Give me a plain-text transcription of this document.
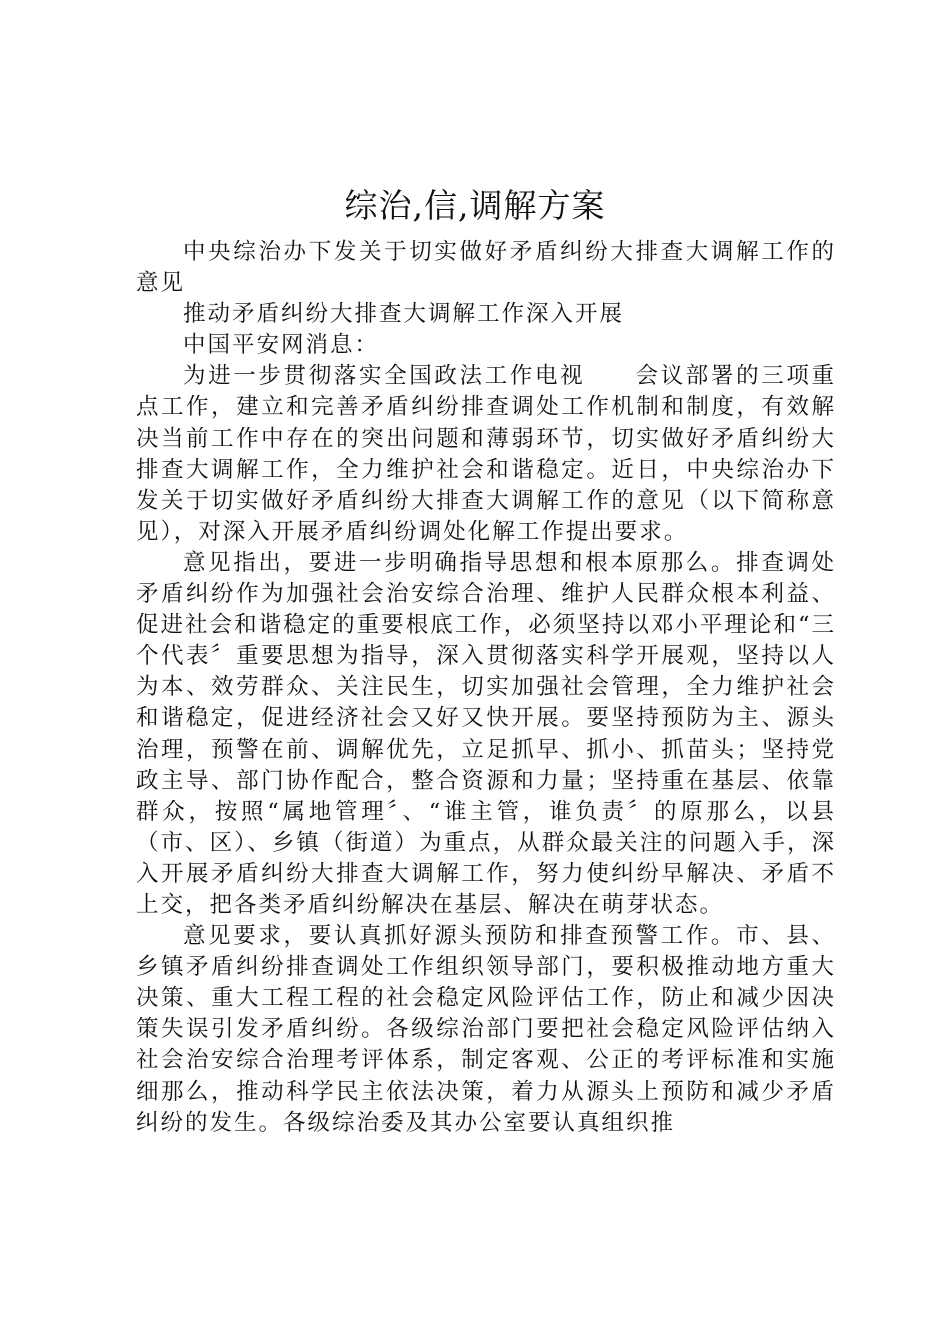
综治,信,调解方案

中央综治办下发关于切实做好矛盾纠纷大排查大调解工作的意见

推动矛盾纠纷大排查大调解工作深入开展

中国平安网消息：

为进一步贯彻落实全国政法工作电视　　会议部署的三项重点工作，建立和完善矛盾纠纷排查调处工作机制和制度，有效解决当前工作中存在的突出问题和薄弱环节，切实做好矛盾纠纷大排查大调解工作，全力维护社会和谐稳定。近日，中央综治办下发关于切实做好矛盾纠纷大排查大调解工作的意见（以下简称意见），对深入开展矛盾纠纷调处化解工作提出要求。

意见指出，要进一步明确指导思想和根本原那么。排查调处矛盾纠纷作为加强社会治安综合治理、维护人民群众根本利益、促进社会和谐稳定的重要根底工作，必须坚持以邓小平理论和“三个代表〞重要思想为指导，深入贯彻落实科学开展观，坚持以人为本、效劳群众、关注民生，切实加强社会管理，全力维护社会和谐稳定，促进经济社会又好又快开展。要坚持预防为主、源头治理，预警在前、调解优先，立足抓早、抓小、抓苗头；坚持党政主导、部门协作配合，整合资源和力量；坚持重在基层、依靠群众，按照“属地管理〞、“谁主管，谁负责〞的原那么，以县（市、区）、乡镇（街道）为重点，从群众最关注的问题入手，深入开展矛盾纠纷大排查大调解工作，努力使纠纷早解决、矛盾不上交，把各类矛盾纠纷解决在基层、解决在萌芽状态。

意见要求，要认真抓好源头预防和排查预警工作。市、县、乡镇矛盾纠纷排查调处工作组织领导部门，要积极推动地方重大决策、重大工程工程的社会稳定风险评估工作，防止和减少因决策失误引发矛盾纠纷。各级综治部门要把社会稳定风险评估纳入社会治安综合治理考评体系，制定客观、公正的考评标准和实施细那么，推动科学民主依法决策，着力从源头上预防和减少矛盾纠纷的发生。各级综治委及其办公室要认真组织推
